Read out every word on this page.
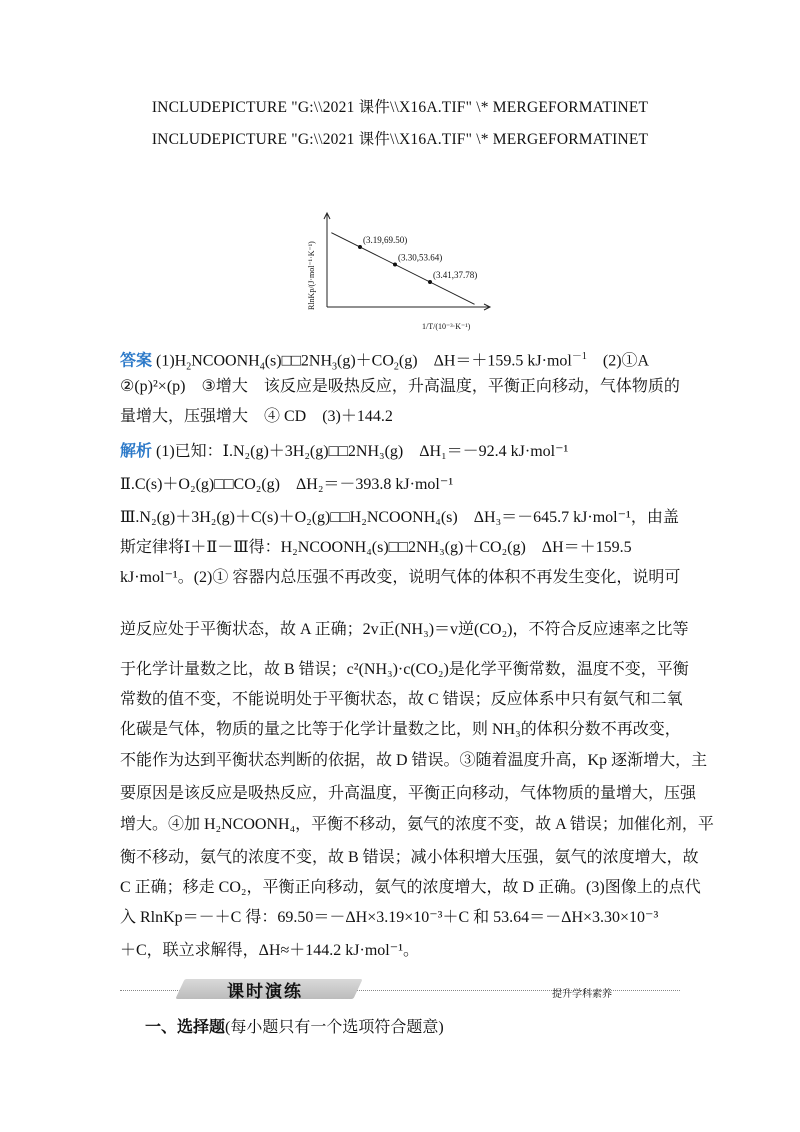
INCLUDEPICTURE "G:\\2021 课件\\X16A.TIF" \* MERGEFORMATINET
INCLUDEPICTURE "G:\\2021 课件\\X16A.TIF" \* MERGEFORMATINET
(3.19,69.50)
(3.30,53.64)
(3.41,37.78)
RlnKp/(J·mol⁻¹·K⁻¹)
1/T/(10⁻³·K⁻¹)
答案 $(1)H_2NCOONH_4(s)□□2NH_3(g)+CO_2(g)$　ΔH＝＋159.5 kJ·mol$^{-1}$　(2)①A
②(p)²×(p)　③增大　该反应是吸热反应，升高温度，平衡正向移动，气体物质的
量增大，压强增大　④ CD　(3)＋144.2
解析 (1)已知：Ⅰ.N₂(g)＋3H₂(g)□□2NH₃(g)　ΔH₁＝－92.4 kJ·mol⁻¹
Ⅱ.C(s)＋O₂(g)□□CO₂(g)　ΔH₂＝－393.8 kJ·mol⁻¹
Ⅲ.N₂(g)＋3H₂(g)＋C(s)＋O₂(g)□□H₂NCOONH₄(s)　ΔH₃＝－645.7 kJ·mol⁻¹，由盖
斯定律将Ⅰ＋Ⅱ－Ⅲ得：H₂NCOONH₄(s)□□2NH₃(g)＋CO₂(g)　ΔH＝＋159.5
kJ·mol⁻¹。(2)① 容器内总压强不再改变，说明气体的体积不再发生变化，说明可
逆反应处于平衡状态，故 A 正确；2v正(NH₃)＝v逆(CO₂)，不符合反应速率之比等
于化学计量数之比，故 B 错误；c²(NH₃)·c(CO₂)是化学平衡常数，温度不变，平衡
常数的值不变，不能说明处于平衡状态，故 C 错误；反应体系中只有氨气和二氧
化碳是气体，物质的量之比等于化学计量数之比，则 NH₃的体积分数不再改变，
不能作为达到平衡状态判断的依据，故 D 错误。③随着温度升高，Kp 逐渐增大，主
要原因是该反应是吸热反应，升高温度，平衡正向移动，气体物质的量增大，压强
增大。④加 H₂NCOONH₄，平衡不移动，氨气的浓度不变，故 A 错误；加催化剂，平
衡不移动，氨气的浓度不变，故 B 错误；减小体积增大压强，氨气的浓度增大，故
C 正确；移走 CO₂，平衡正向移动，氨气的浓度增大，故 D 正确。(3)图像上的点代
入 RlnKp＝－＋C 得：69.50＝－ΔH×3.19×10⁻³＋C 和 53.64＝－ΔH×3.30×10⁻³
＋C，联立求解得，ΔH≈＋144.2 kJ·mol⁻¹。
课时演练	提升学科素养
一、选择题(每小题只有一个选项符合题意)
